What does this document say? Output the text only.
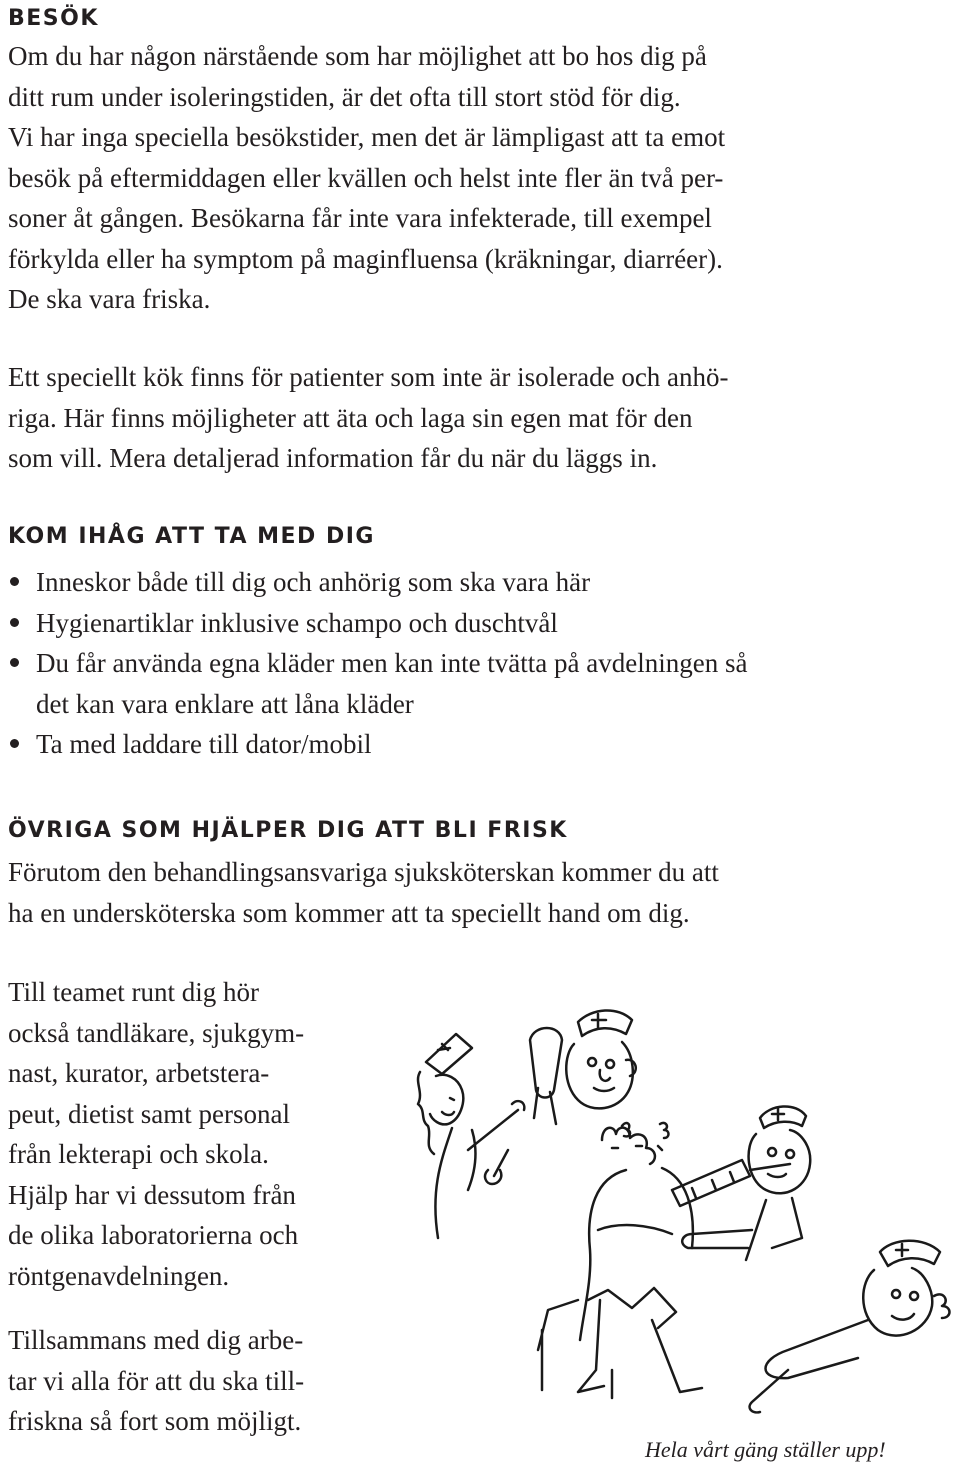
BESÖK

Om du har någon närstående som har möjlighet att bo hos dig på
ditt rum under isoleringstiden, är det ofta till stort stöd för dig.
Vi har inga speciella besökstider, men det är lämpligast att ta emot
besök på eftermiddagen eller kvällen och helst inte fler än två per-
soner åt gången. Besökarna får inte vara infekterade, till exempel
förkylda eller ha symptom på maginfluensa (kräkningar, diarréer).
De ska vara friska.

Ett speciellt kök finns för patienter som inte är isolerade och anhö-
riga. Här finns möjligheter att äta och laga sin egen mat för den
som vill. Mera detaljerad information får du när du läggs in.

KOM IHÅG ATT TA MED DIG
Inneskor både till dig och anhörig som ska vara här
Hygienartiklar inklusive schampo och duschtvål
Du får använda egna kläder men kan inte tvätta på avdelningen så
det kan vara enklare att låna kläder
Ta med laddare till dator/mobil
ÖVRIGA SOM HJÄLPER DIG ATT BLI FRISK

Förutom den behandlingsansvariga sjuksköterskan kommer du att
ha en undersköterska som kommer att ta speciellt hand om dig.

Till teamet runt dig hör
också tandläkare, sjukgym-
nast, kurator, arbetstera-
peut, dietist samt personal
från lekterapi och skola.
Hjälp har vi dessutom från
de olika laboratorierna och
röntgenavdelningen.

Tillsammans med dig arbe-
tar vi alla för att du ska till-
friskna så fort som möjligt.

Hela vårt gäng ställer upp!
